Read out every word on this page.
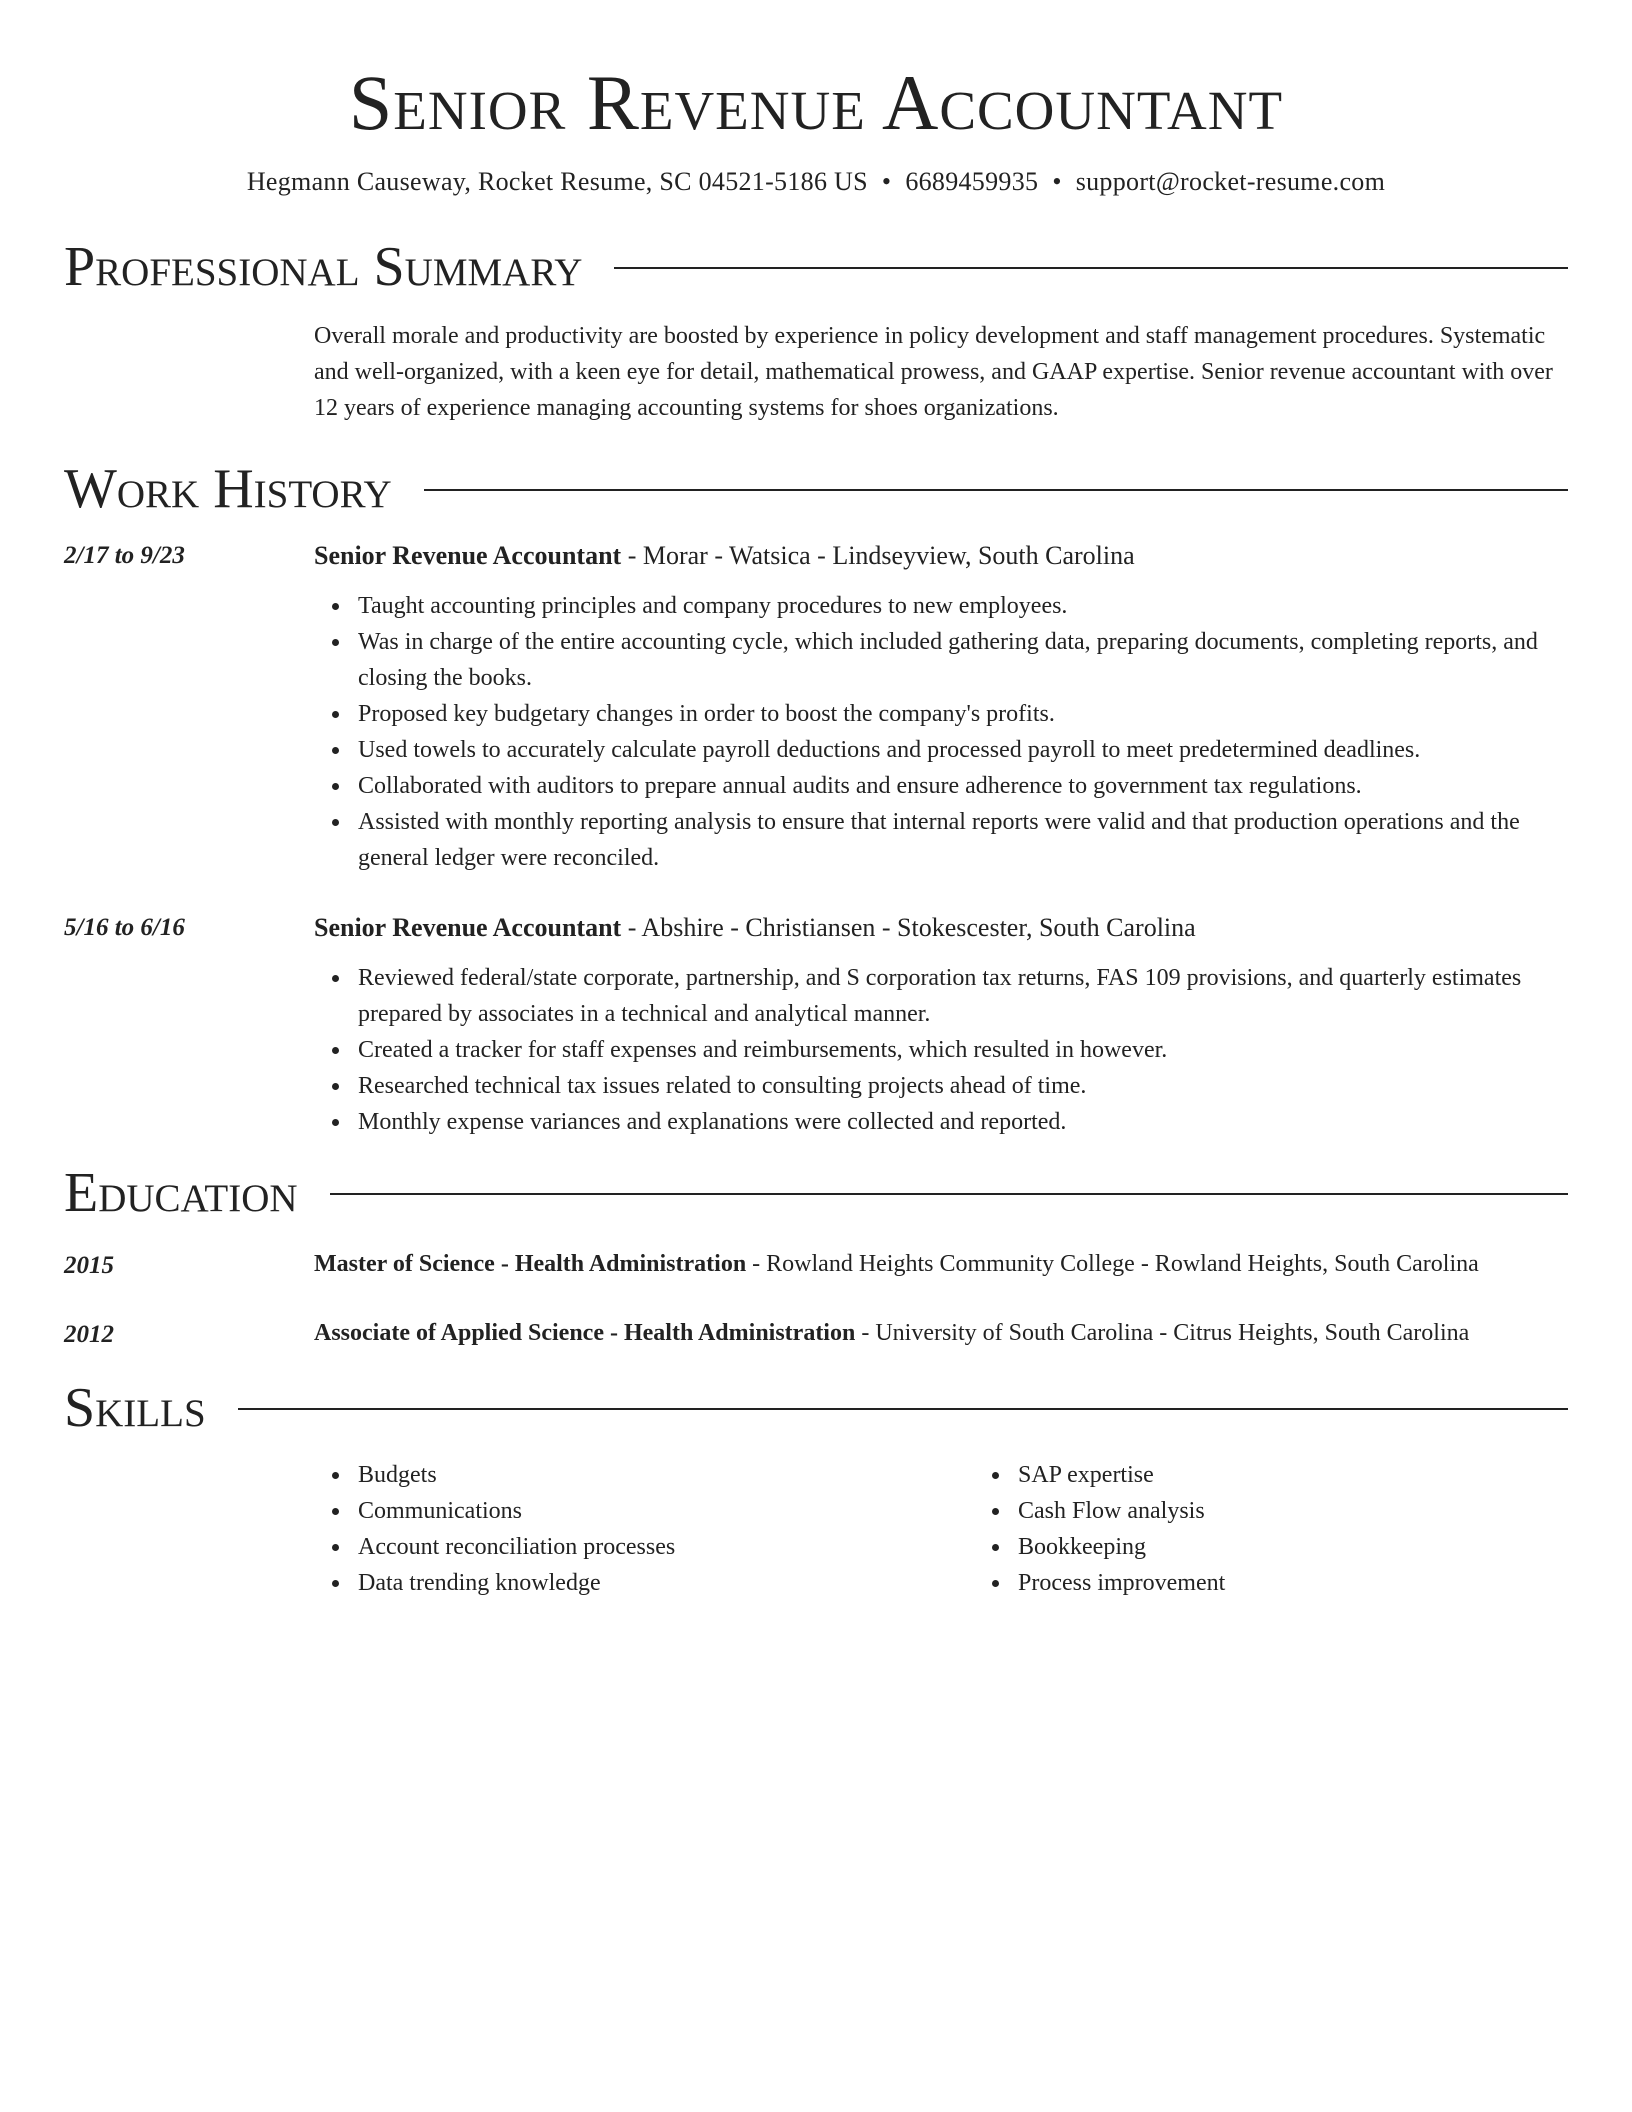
Senior Revenue Accountant
Hegmann Causeway, Rocket Resume, SC 04521-5186 US • 6689459935 • support@rocket-resume.com
Professional Summary
Overall morale and productivity are boosted by experience in policy development and staff management procedures. Systematic and well-organized, with a keen eye for detail, mathematical prowess, and GAAP expertise. Senior revenue accountant with over 12 years of experience managing accounting systems for shoes organizations.
Work History
2/17 to 9/23	Senior Revenue Accountant - Morar - Watsica - Lindseyview, South Carolina
Taught accounting principles and company procedures to new employees.
Was in charge of the entire accounting cycle, which included gathering data, preparing documents, completing reports, and closing the books.
Proposed key budgetary changes in order to boost the company's profits.
Used towels to accurately calculate payroll deductions and processed payroll to meet predetermined deadlines.
Collaborated with auditors to prepare annual audits and ensure adherence to government tax regulations.
Assisted with monthly reporting analysis to ensure that internal reports were valid and that production operations and the general ledger were reconciled.
5/16 to 6/16	Senior Revenue Accountant - Abshire - Christiansen - Stokescester, South Carolina
Reviewed federal/state corporate, partnership, and S corporation tax returns, FAS 109 provisions, and quarterly estimates prepared by associates in a technical and analytical manner.
Created a tracker for staff expenses and reimbursements, which resulted in however.
Researched technical tax issues related to consulting projects ahead of time.
Monthly expense variances and explanations were collected and reported.
Education
2015	Master of Science - Health Administration - Rowland Heights Community College - Rowland Heights, South Carolina
2012	Associate of Applied Science - Health Administration - University of South Carolina - Citrus Heights, South Carolina
Skills
Budgets
Communications
Account reconciliation processes
Data trending knowledge
SAP expertise
Cash Flow analysis
Bookkeeping
Process improvement
